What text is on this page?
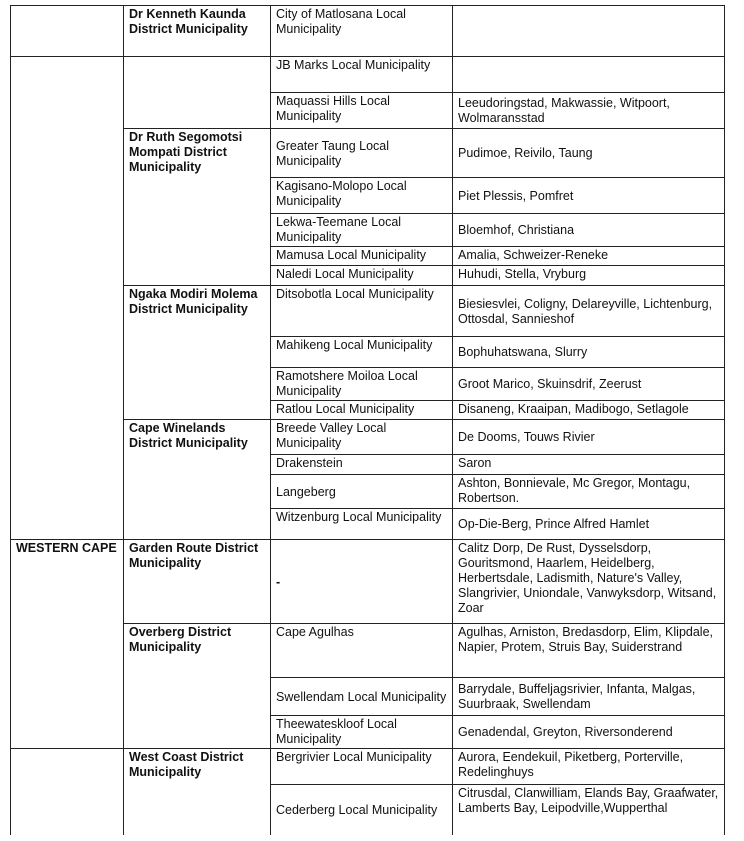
	Dr Kenneth Kaunda District Municipality	City of Matlosana Local Municipality	
		JB Marks Local Municipality	
		Maquassi Hills Local Municipality	Leeudoringstad, Makwassie, Witpoort, Wolmaransstad
	Dr Ruth Segomotsi Mompati District Municipality	Greater Taung Local Municipality	Pudimoe, Reivilo, Taung
		Kagisano-Molopo Local Municipality	Piet Plessis, Pomfret
		Lekwa-Teemane Local Municipality	Bloemhof, Christiana
		Mamusa Local Municipality	Amalia, Schweizer-Reneke
		Naledi Local Municipality	Huhudi, Stella, Vryburg
	Ngaka Modiri Molema District Municipality	Ditsobotla Local Municipality	Biesiesvlei, Coligny, Delareyville, Lichtenburg, Ottosdal, Sannieshof
		Mahikeng Local Municipality	Bophuhatswana, Slurry
		Ramotshere Moiloa Local Municipality	Groot Marico, Skuinsdrif, Zeerust
		Ratlou Local Municipality	Disaneng, Kraaipan, Madibogo, Setlagole
	Cape Winelands District Municipality	Breede Valley Local Municipality	De Dooms, Touws Rivier
		Drakenstein	Saron
		Langeberg	Ashton, Bonnievale, Mc Gregor, Montagu, Robertson.
		Witzenburg Local Municipality	Op-Die-Berg, Prince Alfred Hamlet
WESTERN CAPE	Garden Route District Municipality	-	Calitz Dorp, De Rust, Dysselsdorp, Gouritsmond, Haarlem, Heidelberg, Herbertsdale, Ladismith, Nature's Valley, Slangrivier, Uniondale, Vanwyksdorp, Witsand, Zoar
	Overberg District Municipality	Cape Agulhas	Agulhas, Arniston, Bredasdorp, Elim, Klipdale, Napier, Protem, Struis Bay, Suiderstrand
		Swellendam Local Municipality	Barrydale, Buffeljagsrivier, Infanta, Malgas, Suurbraak, Swellendam
		Theewateskloof Local Municipality	Genadendal, Greyton, Riversonderend
	West Coast District Municipality	Bergrivier Local Municipality	Aurora, Eendekuil, Piketberg, Porterville, Redelinghuys
		Cederberg Local Municipality	Citrusdal, Clanwilliam, Elands Bay, Graafwater, Lamberts Bay, Leipodville,Wupperthal
